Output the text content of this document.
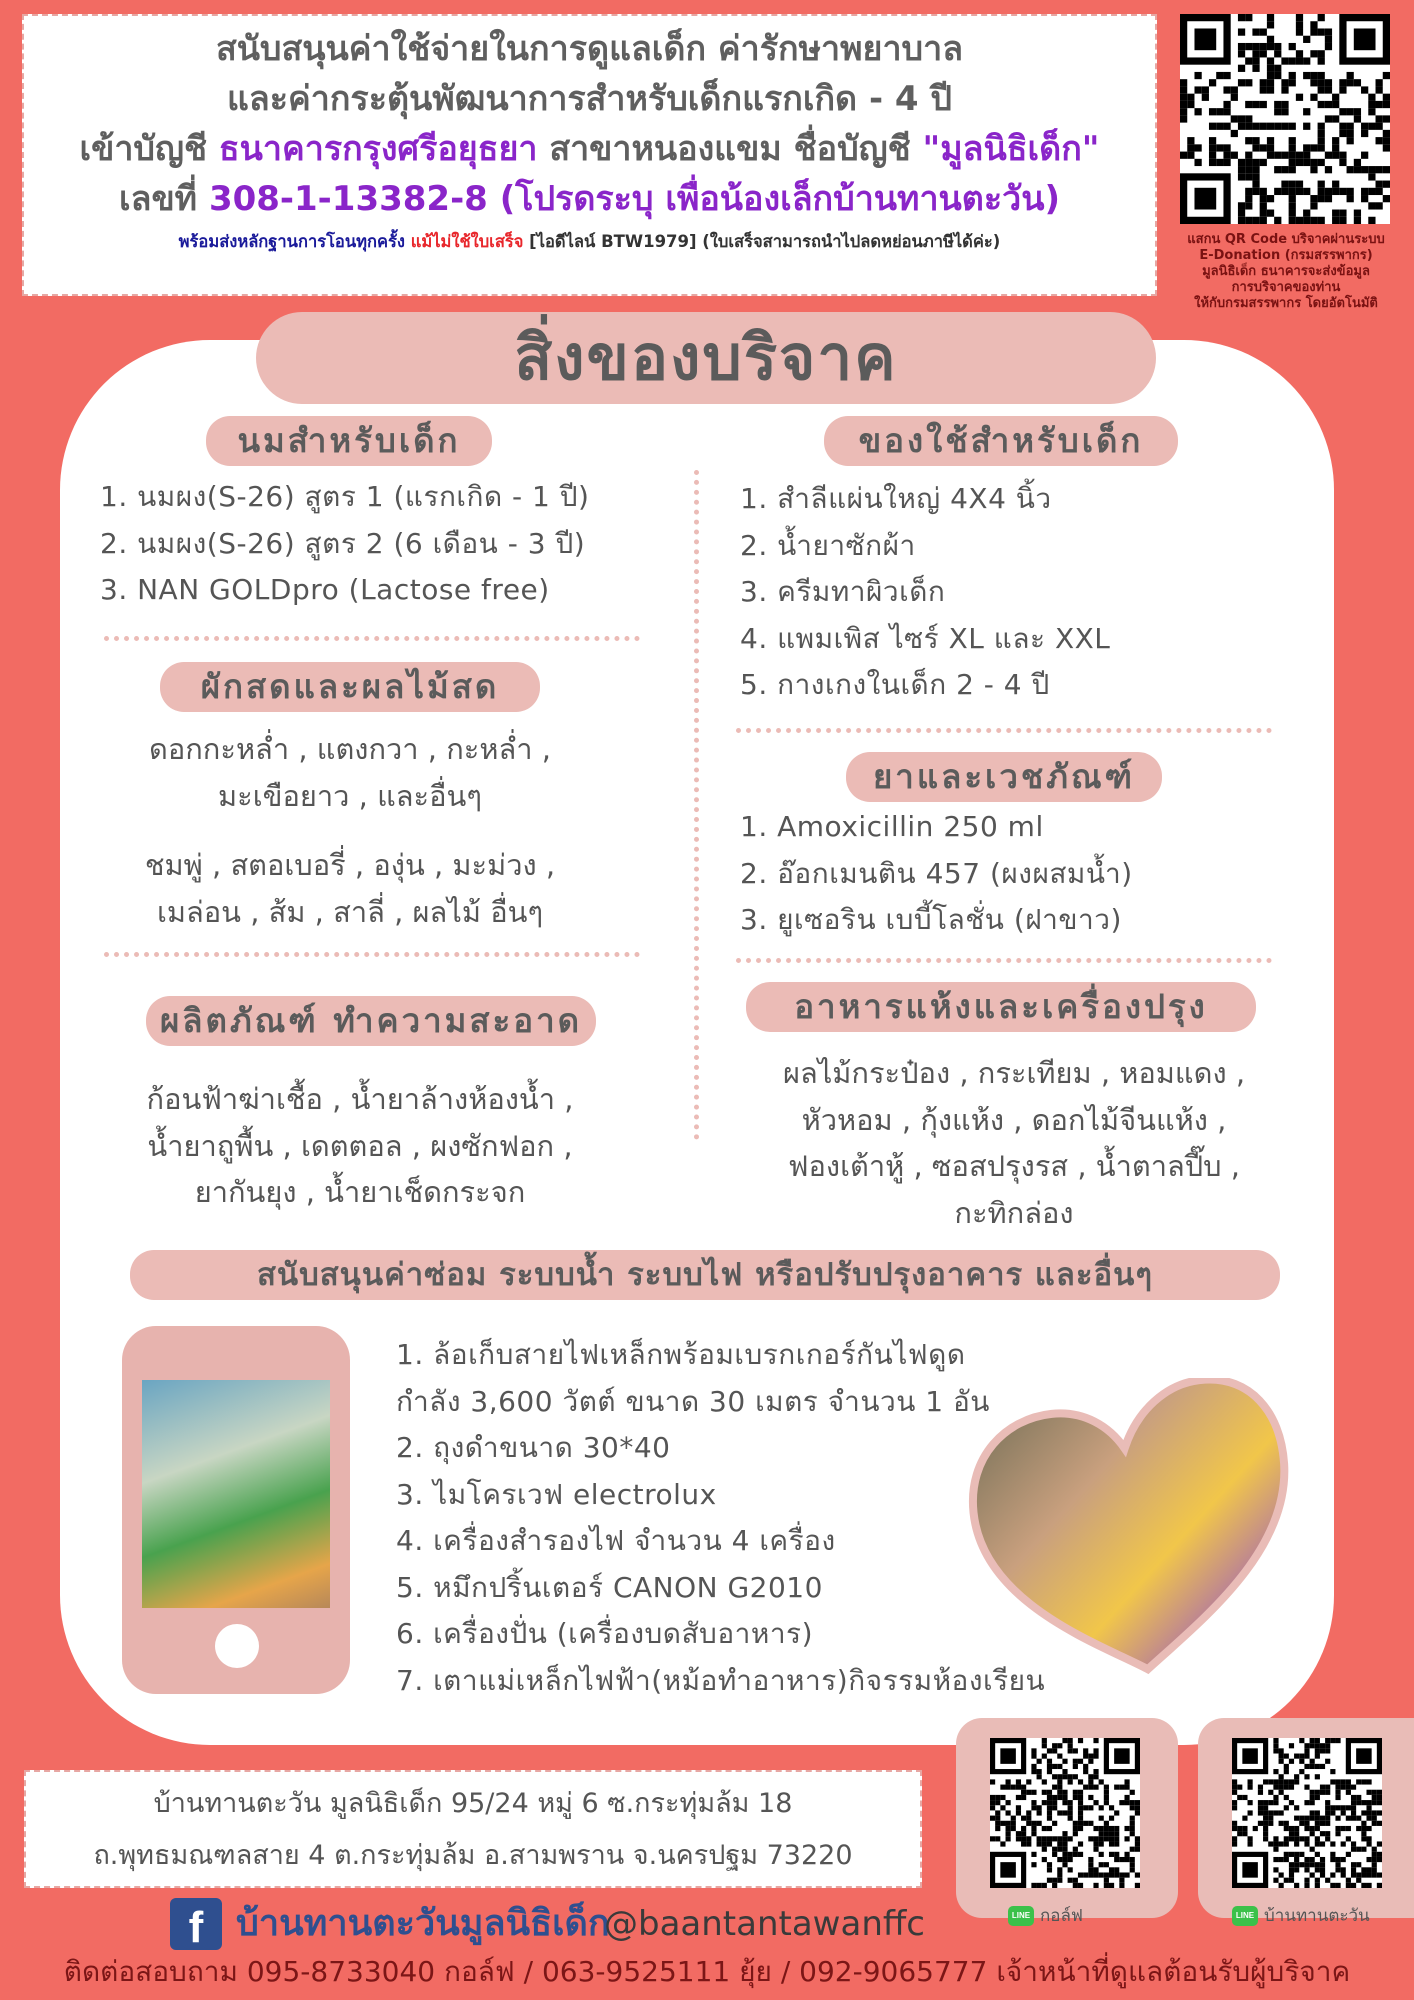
สนับสนุนค่าใช้จ่ายในการดูแลเด็ก ค่ารักษาพยาบาล
และค่ากระตุ้นพัฒนาการสำหรับเด็กแรกเกิด - 4 ปี
เข้าบัญชี ธนาคารกรุงศรีอยุธยา สาขาหนองแขม ชื่อบัญชี "มูลนิธิเด็ก"
เลขที่ 308-1-13382-8 (โปรดระบุ เพื่อน้องเล็กบ้านทานตะวัน)
พร้อมส่งหลักฐานการโอนทุกครั้ง แม้ไม่ใช้ใบเสร็จ [ไอดีไลน์ BTW1979] (ใบเสร็จสามารถนำไปลดหย่อนภาษีได้ค่ะ)	แสกน QR Code บริจาคผ่านระบบ
E-Donation (กรมสรรพากร)
มูลนิธิเด็ก ธนาคารจะส่งข้อมูล
การบริจาคของท่าน
ให้กับกรมสรรพากร โดยอัตโนมัติ
สิ่งของบริจาค
นมสำหรับเด็ก
1. นมผง(S-26) สูตร 1 (แรกเกิด - 1 ปี)
2. นมผง(S-26) สูตร 2 (6 เดือน - 3 ปี)
3. NAN GOLDpro (Lactose free)
ผักสดและผลไม้สด
ดอกกะหล่ำ , แตงกวา , กะหล่ำ ,
มะเขือยาว , และอื่นๆ
ชมพู่ , สตอเบอรี่ , องุ่น , มะม่วง ,
เมล่อน , ส้ม , สาลี่ , ผลไม้ อื่นๆ
ผลิตภัณฑ์ ทำความสะอาด
ก้อนฟ้าฆ่าเชื้อ , น้ำยาล้างห้องน้ำ ,
น้ำยาถูพื้น , เดตตอล , ผงซักฟอก ,
ยากันยุง , น้ำยาเช็ดกระจก
ของใช้สำหรับเด็ก
1. สำลีแผ่นใหญ่ 4X4 นิ้ว
2. น้ำยาซักผ้า
3. ครีมทาผิวเด็ก
4. แพมเพิส ไซร์ XL และ XXL
5. กางเกงในเด็ก 2 - 4 ปี
ยาและเวชภัณฑ์
1. Amoxicillin 250 ml
2. อ๊อกเมนติน 457 (ผงผสมน้ำ)
3. ยูเซอริน เบบี้โลชั่น (ฝาขาว)
อาหารแห้งและเครื่องปรุง
ผลไม้กระป๋อง , กระเทียม , หอมแดง ,
หัวหอม , กุ้งแห้ง , ดอกไม้จีนแห้ง ,
ฟองเต้าหู้ , ซอสปรุงรส , น้ำตาลปี๊บ ,
กะทิกล่อง
สนับสนุนค่าซ่อม ระบบน้ำ ระบบไฟ หรือปรับปรุงอาคาร และอื่นๆ
1. ล้อเก็บสายไฟเหล็กพร้อมเบรกเกอร์กันไฟดูด
กำลัง 3,600 วัตต์ ขนาด 30 เมตร จำนวน 1 อัน
2. ถุงดำขนาด 30*40
3. ไมโครเวฟ electrolux
4. เครื่องสำรองไฟ จำนวน 4 เครื่อง
5. หมึกปริ้นเตอร์ CANON G2010
6. เครื่องปั่น (เครื่องบดสับอาหาร)
7. เตาแม่เหล็กไฟฟ้า(หม้อทำอาหาร)กิจรรมห้องเรียน
บ้านทานตะวัน มูลนิธิเด็ก 95/24 หมู่ 6 ซ.กระทุ่มล้ม 18
ถ.พุทธมณฑลสาย 4 ต.กระทุ่มล้ม อ.สามพราน จ.นครปฐม 73220
f บ้านทานตะวันมูลนิธิเด็ก
@baantantawanffc	LINE กอล์ฟ	LINE บ้านทานตะวัน
ติดต่อสอบถาม 095-8733040 กอล์ฟ / 063-9525111 ยุ้ย / 092-9065777 เจ้าหน้าที่ดูแลต้อนรับผู้บริจาค
